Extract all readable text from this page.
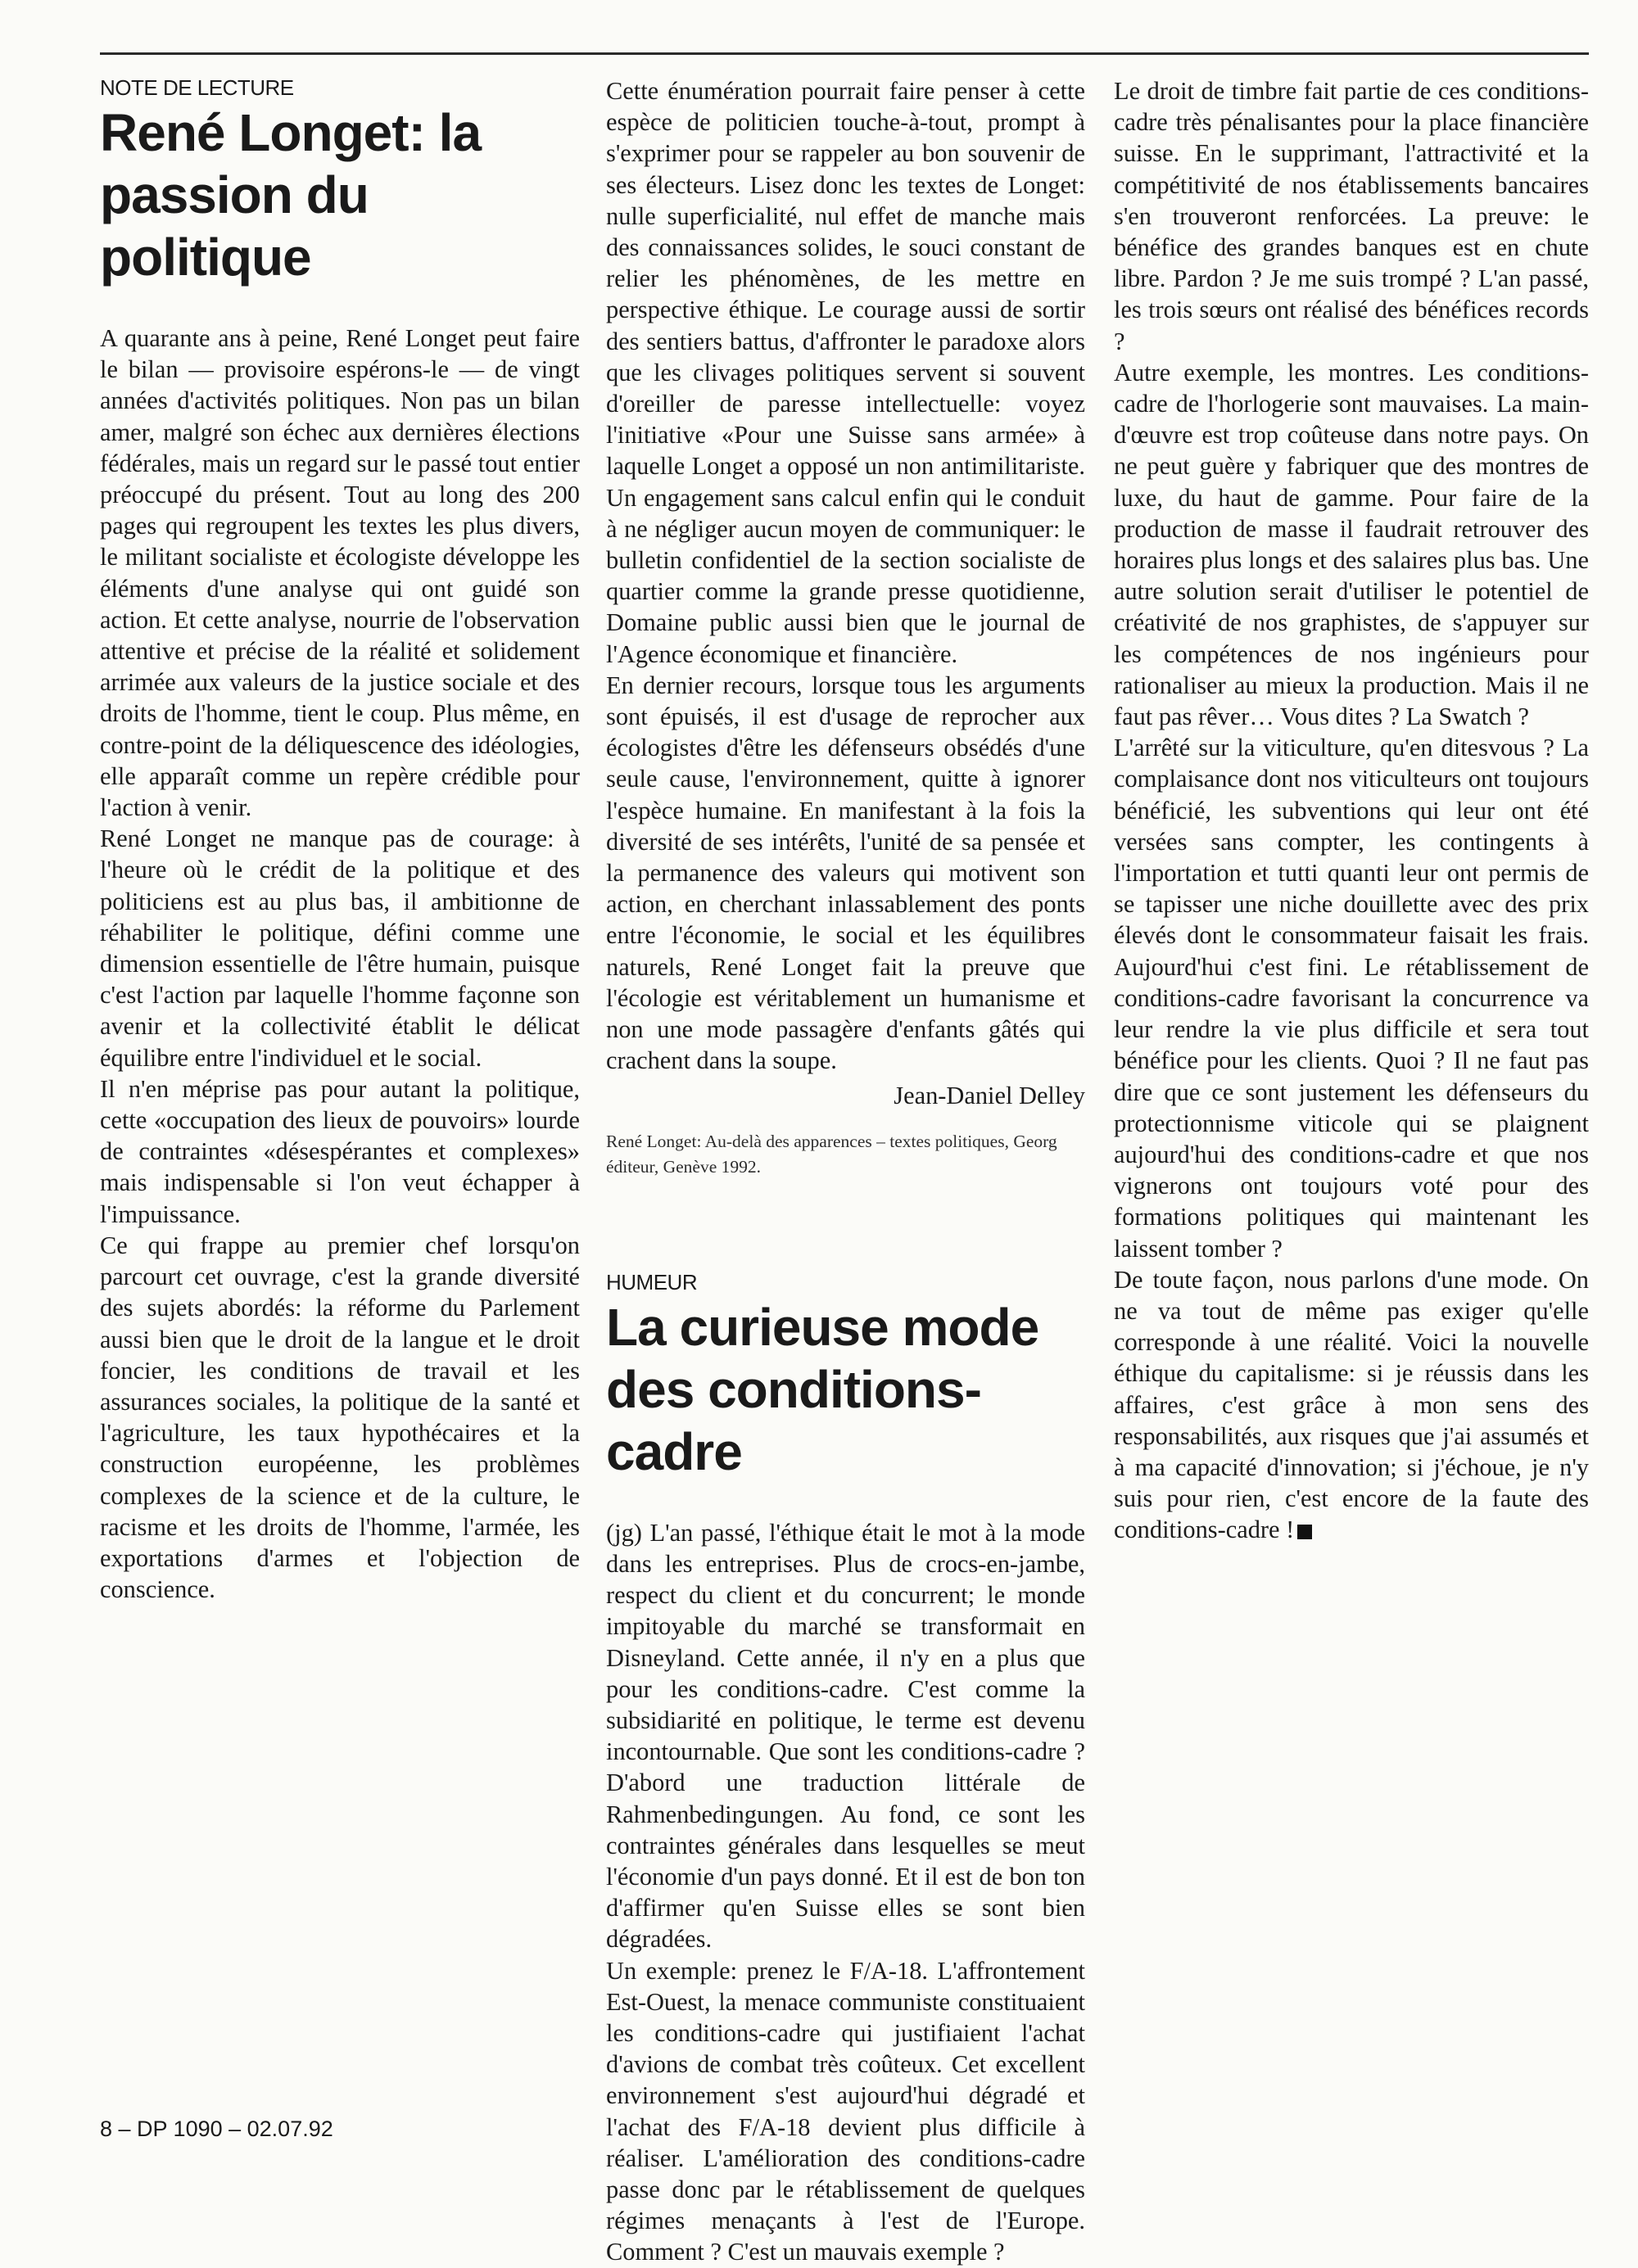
NOTE DE LECTURE
René Longet: la passion du politique

A quarante ans à peine, René Longet peut faire le bilan — provisoire espérons-le — de vingt années d'activités politiques. Non pas un bilan amer, malgré son échec aux dernières élections fédérales, mais un regard sur le passé tout entier préoccupé du présent. Tout au long des 200 pages qui regroupent les textes les plus divers, le militant socialiste et écologiste développe les éléments d'une analyse qui ont guidé son action. Et cette analyse, nourrie de l'observation attentive et précise de la réalité et solidement arrimée aux valeurs de la justice sociale et des droits de l'homme, tient le coup. Plus même, en contre-point de la déliquescence des idéologies, elle apparaît comme un repère crédible pour l'action à venir.

René Longet ne manque pas de courage: à l'heure où le crédit de la politique et des politiciens est au plus bas, il ambitionne de réhabiliter le politique, défini comme une dimension essentielle de l'être humain, puisque c'est l'action par laquelle l'homme façonne son avenir et la collectivité établit le délicat équilibre entre l'individuel et le social.

Il n'en méprise pas pour autant la politique, cette «occupation des lieux de pouvoirs» lourde de contraintes «désespérantes et complexes» mais indispensable si l'on veut échapper à l'impuissance.

Ce qui frappe au premier chef lorsqu'on parcourt cet ouvrage, c'est la grande diversité des sujets abordés: la réforme du Parlement aussi bien que le droit de la langue et le droit foncier, les conditions de travail et les assurances sociales, la politique de la santé et l'agriculture, les taux hypothécaires et la construction européenne, les problèmes complexes de la science et de la culture, le racisme et les droits de l'homme, l'armée, les exportations d'armes et l'objection de conscience.

Cette énumération pourrait faire penser à cette espèce de politicien touche-à-tout, prompt à s'exprimer pour se rappeler au bon souvenir de ses électeurs. Lisez donc les textes de Longet: nulle superficialité, nul effet de manche mais des connaissances solides, le souci constant de relier les phénomènes, de les mettre en perspective éthique. Le courage aussi de sortir des sentiers battus, d'affronter le paradoxe alors que les clivages politiques servent si souvent d'oreiller de paresse intellectuelle: voyez l'initiative «Pour une Suisse sans armée» à laquelle Longet a opposé un non antimilitariste. Un engagement sans calcul enfin qui le conduit à ne négliger aucun moyen de communiquer: le bulletin confidentiel de la section socialiste de quartier comme la grande presse quotidienne, Domaine public aussi bien que le journal de l'Agence économique et financière.

En dernier recours, lorsque tous les arguments sont épuisés, il est d'usage de reprocher aux écologistes d'être les défenseurs obsédés d'une seule cause, l'environnement, quitte à ignorer l'espèce humaine. En manifestant à la fois la diversité de ses intérêts, l'unité de sa pensée et la permanence des valeurs qui motivent son action, en cherchant inlassablement des ponts entre l'économie, le social et les équilibres naturels, René Longet fait la preuve que l'écologie est véritablement un humanisme et non une mode passagère d'enfants gâtés qui crachent dans la soupe.

Jean-Daniel Delley

René Longet: Au-delà des apparences – textes politiques, Georg éditeur, Genève 1992.

HUMEUR
La curieuse mode des conditions-cadre

(jg) L'an passé, l'éthique était le mot à la mode dans les entreprises. Plus de crocs-en-jambe, respect du client et du concurrent; le monde impitoyable du marché se transformait en Disneyland. Cette année, il n'y en a plus que pour les conditions-cadre. C'est comme la subsidiarité en politique, le terme est devenu incontournable. Que sont les conditions-cadre ? D'abord une traduction littérale de Rahmenbedingungen. Au fond, ce sont les contraintes générales dans lesquelles se meut l'économie d'un pays donné. Et il est de bon ton d'affirmer qu'en Suisse elles se sont bien dégradées.

Un exemple: prenez le F/A-18. L'affrontement Est-Ouest, la menace communiste constituaient les conditions-cadre qui justifiaient l'achat d'avions de combat très coûteux. Cet excellent environnement s'est aujourd'hui dégradé et l'achat des F/A-18 devient plus difficile à réaliser. L'amélioration des conditions-cadre passe donc par le rétablissement de quelques régimes menaçants à l'est de l'Europe. Comment ? C'est un mauvais exemple ?

Le droit de timbre fait partie de ces conditions-cadre très pénalisantes pour la place financière suisse. En le supprimant, l'attractivité et la compétitivité de nos établissements bancaires s'en trouveront renforcées. La preuve: le bénéfice des grandes banques est en chute libre. Pardon ? Je me suis trompé ? L'an passé, les trois sœurs ont réalisé des bénéfices records ?

Autre exemple, les montres. Les conditions-cadre de l'horlogerie sont mauvaises. La main-d'œuvre est trop coûteuse dans notre pays. On ne peut guère y fabriquer que des montres de luxe, du haut de gamme. Pour faire de la production de masse il faudrait retrouver des horaires plus longs et des salaires plus bas. Une autre solution serait d'utiliser le potentiel de créativité de nos graphistes, de s'appuyer sur les compétences de nos ingénieurs pour rationaliser au mieux la production. Mais il ne faut pas rêver… Vous dites ? La Swatch ?

L'arrêté sur la viticulture, qu'en ditesvous ? La complaisance dont nos viticulteurs ont toujours bénéficié, les subventions qui leur ont été versées sans compter, les contingents à l'importation et tutti quanti leur ont permis de se tapisser une niche douillette avec des prix élevés dont le consommateur faisait les frais. Aujourd'hui c'est fini. Le rétablissement de conditions-cadre favorisant la concurrence va leur rendre la vie plus difficile et sera tout bénéfice pour les clients. Quoi ? Il ne faut pas dire que ce sont justement les défenseurs du protectionnisme viticole qui se plaignent aujourd'hui des conditions-cadre et que nos vignerons ont toujours voté pour des formations politiques qui maintenant les laissent tomber ?

De toute façon, nous parlons d'une mode. On ne va tout de même pas exiger qu'elle corresponde à une réalité. Voici la nouvelle éthique du capitalisme: si je réussis dans les affaires, c'est grâce à mon sens des responsabilités, aux risques que j'ai assumés et à ma capacité d'innovation; si j'échoue, je n'y suis pour rien, c'est encore de la faute des conditions-cadre !

8 – DP 1090 – 02.07.92
